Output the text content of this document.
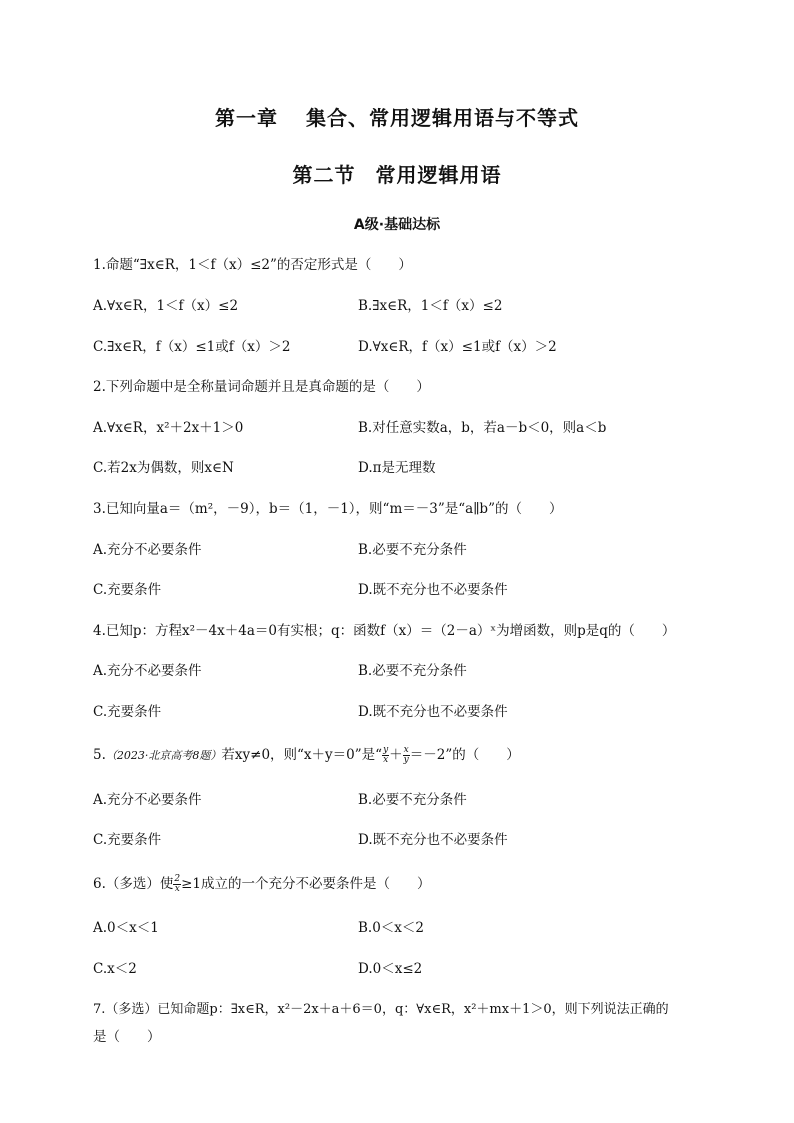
第一章 集合、常用逻辑用语与不等式
第二节 常用逻辑用语
A级·基础达标
1.命题“∃x∈R，1＜f（x）≤2”的否定形式是（　　）
A.∀x∈R，1＜f（x）≤2	B.∃x∈R，1＜f（x）≤2
C.∃x∈R，f（x）≤1或f（x）＞2	D.∀x∈R，f（x）≤1或f（x）＞2
2.下列命题中是全称量词命题并且是真命题的是（　　）
A.∀x∈R，x²＋2x＋1＞0	B.对任意实数a，b，若a－b＜0，则a＜b
C.若2x为偶数，则x∈N	D.π是无理数
3.已知向量a＝（m²，－9），b＝（1，－1），则“m＝－3”是“a∥b”的（　　）
A.充分不必要条件	B.必要不充分条件
C.充要条件	D.既不充分也不必要条件
4.已知p：方程x²－4x＋4a＝0有实根；q：函数f（x）＝（2－a）ˣ为增函数，则p是q的（　　）
A.充分不必要条件	B.必要不充分条件
C.充要条件	D.既不充分也不必要条件
5.（2023·北京高考8题）若xy≠0，则“x＋y＝0”是“ $\frac{y}{x} + \frac{x}{y} =-2$”的（　　）
A.充分不必要条件	B.必要不充分条件
C.充要条件	D.既不充分也不必要条件
6.（多选）使 $\frac{2}{x} \ge 1$成立的一个充分不必要条件是（　　）
A.0＜x＜1	B.0＜x＜2
C.x＜2	D.0＜x≤2
7.（多选）已知命题p：∃x∈R，x²－2x＋a＋6＝0，q：∀x∈R，x²＋mx＋1＞0，则下列说法正确的
是（　　）
